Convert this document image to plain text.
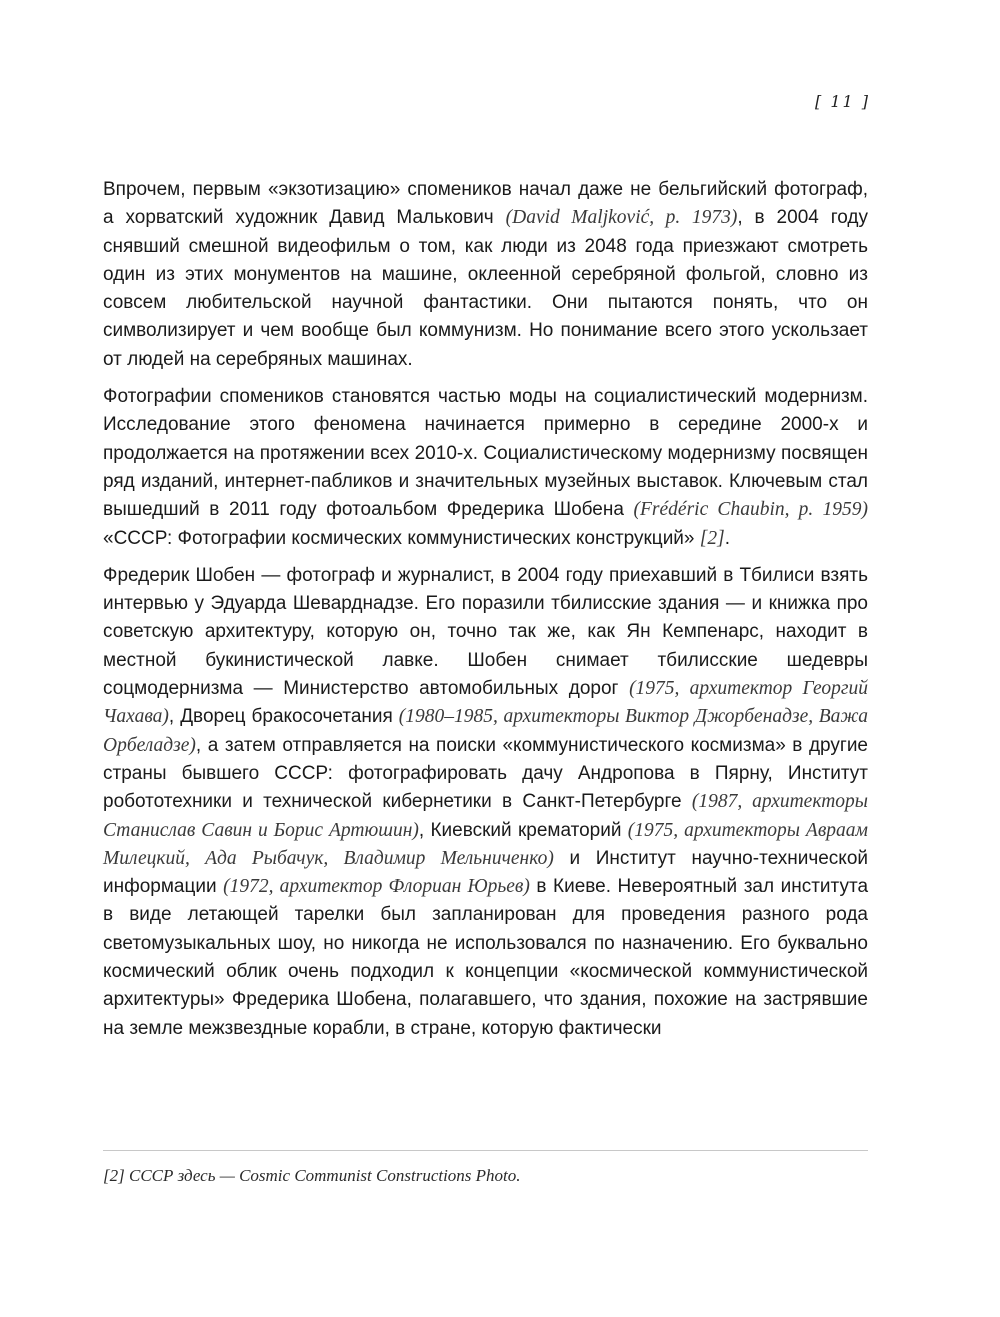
[ 11 ]

Впрочем, первым «экзотизацию» спомеников начал даже не бельгийский фотограф, а хорватский художник Давид Малькович (David Maljković, p. 1973), в 2004 году снявший смешной видеофильм о том, как люди из 2048 года приезжают смотреть один из этих монументов на машине, оклеенной серебряной фольгой, словно из совсем любительской научной фантастики. Они пытаются понять, что он символизирует и чем вообще был коммунизм. Но понимание всего этого ускользает от людей на серебряных машинах.

Фотографии спомеников становятся частью моды на социалистический модернизм. Исследование этого феномена начинается примерно в середине 2000-х и продолжается на протяжении всех 2010-х. Социалистическому модернизму посвящен ряд изданий, интернет-пабликов и значительных музейных выставок. Ключевым стал вышедший в 2011 году фотоальбом Фредерика Шобена (Frédéric Chaubin, p. 1959) «СССР: Фотографии космических коммунистических конструкций» [2].

Фредерик Шобен — фотограф и журналист, в 2004 году приехавший в Тбилиси взять интервью у Эдуарда Шеварднадзе. Его поразили тбилисские здания — и книжка про советскую архитектуру, которую он, точно так же, как Ян Кемпенарс, находит в местной букинистической лавке. Шобен снимает тбилисские шедевры соцмодернизма — Министерство автомобильных дорог (1975, архитектор Георгий Чахава), Дворец бракосочетания (1980–1985, архитекторы Виктор Джорбенадзе, Важа Орбеладзе), а затем отправляется на поиски «коммунистического космизма» в другие страны бывшего СССР: фотографировать дачу Андропова в Пярну, Институт робототехники и технической кибернетики в Санкт-Петербурге (1987, архитекторы Станислав Савин и Борис Артюшин), Киевский крематорий (1975, архитекторы Авраам Милецкий, Ада Рыбачук, Владимир Мельниченко) и Институт научно-технической информации (1972, архитектор Флориан Юрьев) в Киеве. Невероятный зал института в виде летающей тарелки был запланирован для проведения разного рода светомузыкальных шоу, но никогда не использовался по назначению. Его буквально космический облик очень подходил к концепции «космической коммунистической архитектуры» Фредерика Шобена, полагавшего, что здания, похожие на застрявшие на земле межзвездные корабли, в стране, которую фактически

[2] СССР здесь — Cosmic Communist Constructions Photo.
